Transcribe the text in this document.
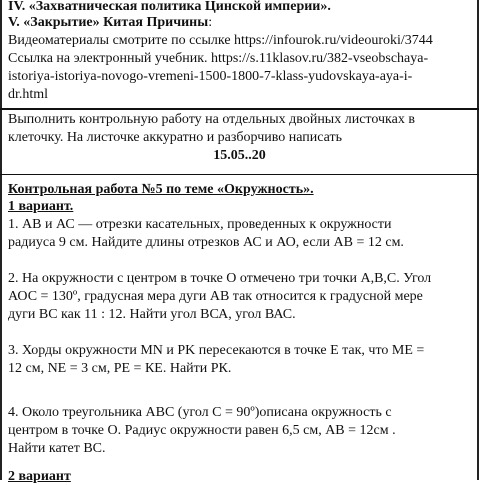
IV. «Захватническая политика Цинской империи».
V. «Закрытие» Китая Причины:
Видеоматериалы смотрите по ссылке https://infourok.ru/videouroki/3744
Ссылка на электронный учебник. https://s.11klasov.ru/382-vseobschaya-
istoriya-istoriya-novogo-vremeni-1500-1800-7-klass-yudovskaya-aya-i-
dr.html
Выполнить контрольную работу на отдельных двойных листочках в
клеточку. На листочке аккуратно и разборчиво написать
15.05..20
Контрольная работа №5 по теме «Окружность».
1 вариант.
1. АВ и АС — отрезки касательных, проведенных к окружности
радиуса 9 см. Найдите длины отрезков АС и АО, если АВ = 12 см.
2. На окружности с центром в точке О отмечено три точки А,В,С. Угол
АОС = 130º, градусная мера дуги АВ так относится к градусной мере
дуги ВС как 11 : 12. Найти угол ВСА, угол ВАС.
3. Хорды окружности MN и PK пересекаются в точке Е так, что МЕ =
12 см, NE = 3 см, РЕ = КЕ. Найти РК.
4. Около треугольника АВС (угол С = 90º)описана окружность с
центром в точке О. Радиус окружности равен 6,5 см, АВ = 12см .
Найти катет ВС.
2 вариант
